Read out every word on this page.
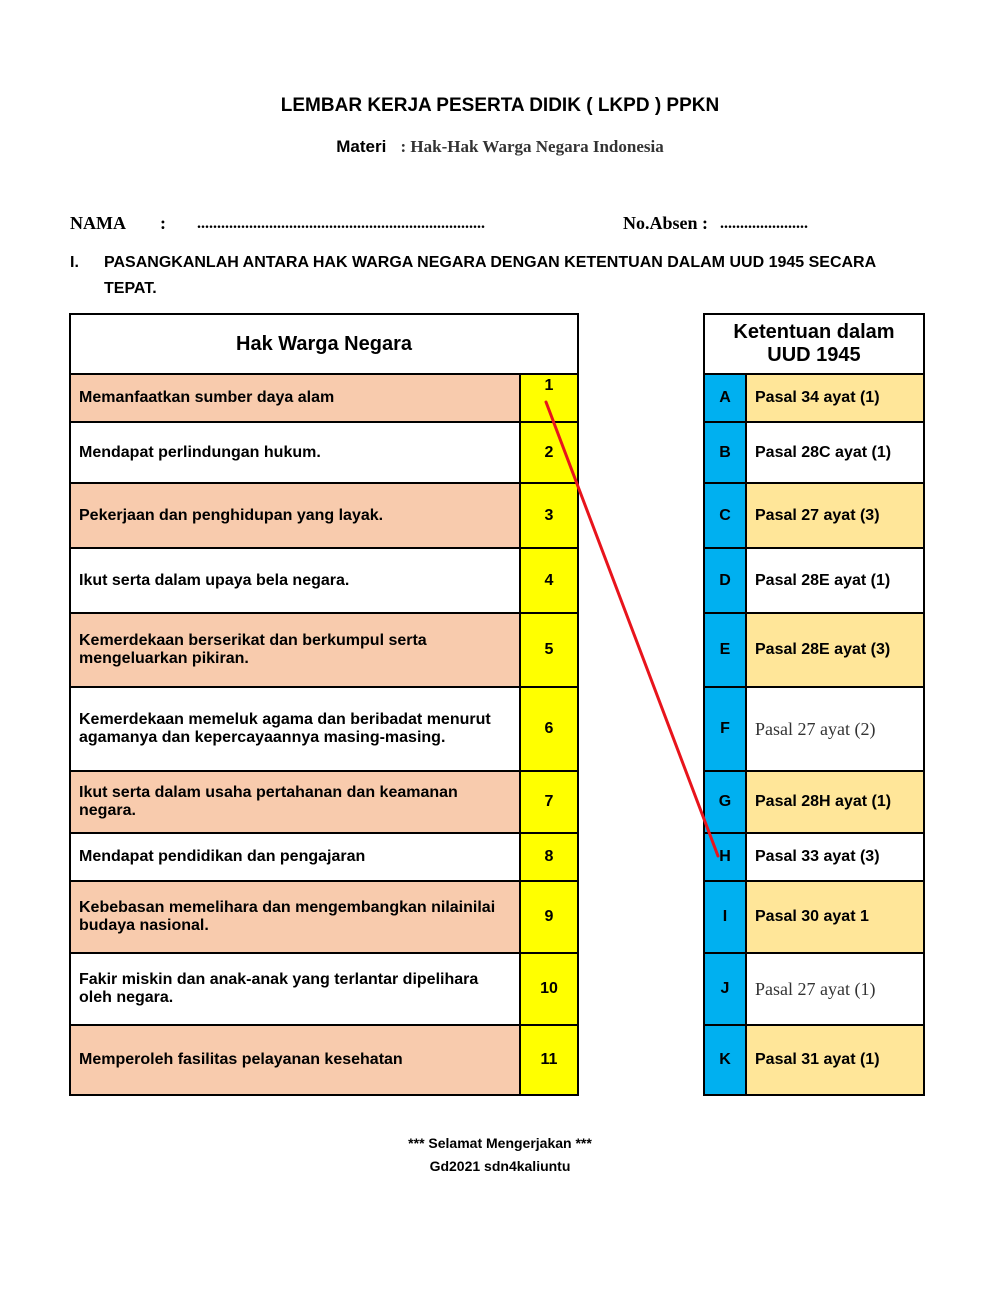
LEMBAR KERJA PESERTA DIDIK ( LKPD ) PPKN
Materi : Hak-Hak Warga Negara Indonesia
NAMA : ........................................................................	No.Absen : ......................
I. PASANGKANLAH ANTARA HAK WARGA NEGARA DENGAN KETENTUAN DALAM UUD 1945 SECARA TEPAT.
Hak Warga Negara	
Memanfaatkan sumber daya alam	1
Mendapat perlindungan hukum.	2
Pekerjaan dan penghidupan yang layak.	3
Ikut serta dalam upaya bela negara.	4
Kemerdekaan berserikat dan berkumpul serta mengeluarkan pikiran.	5
Kemerdekaan memeluk agama dan beribadat menurut agamanya dan kepercayaannya masing-masing.	6
Ikut serta dalam usaha pertahanan dan keamanan negara.	7
Mendapat pendidikan dan pengajaran	8
Kebebasan memelihara dan mengembangkan nilainilai budaya nasional.	9
Fakir miskin dan anak-anak yang terlantar dipelihara oleh negara.	10
Memperoleh fasilitas pelayanan kesehatan	11
Ketentuan dalam UUD 1945	
A	Pasal 34 ayat (1)
B	Pasal 28C ayat (1)
C	Pasal 27 ayat (3)
D	Pasal 28E ayat (1)
E	Pasal 28E ayat (3)
F	Pasal 27 ayat (2)
G	Pasal 28H ayat (1)
H	Pasal 33 ayat (3)
I	Pasal 30 ayat 1
J	Pasal 27 ayat (1)
K	Pasal 31 ayat (1)
*** Selamat Mengerjakan ***
Gd2021 sdn4kaliuntu
